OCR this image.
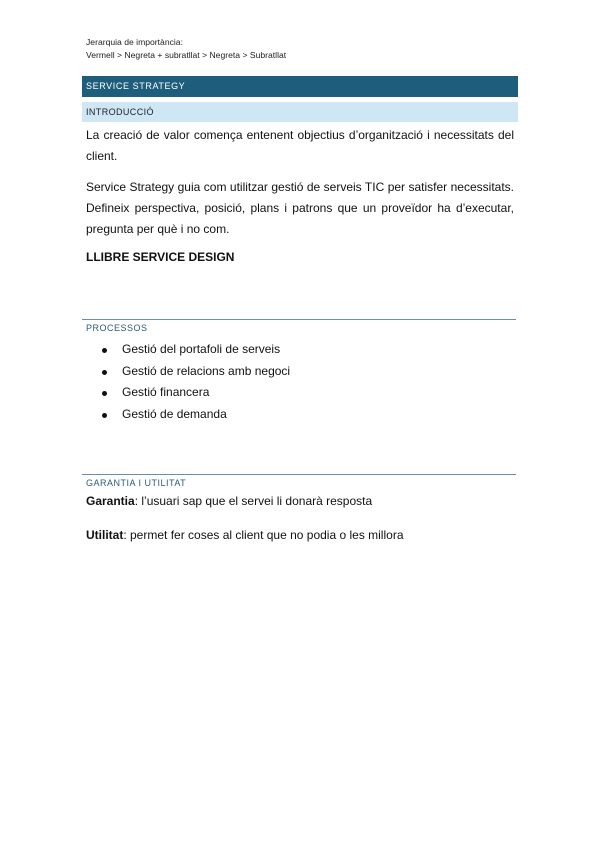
Jerarquia de importància:
Vermell > Negreta + subratllat > Negreta > Subratllat
SERVICE STRATEGY
INTRODUCCIÓ

La creació de valor comença entenent objectius d’organització i necessitats del client.

Service Strategy guia com utilitzar gestió de serveis TIC per satisfer necessitats. Defineix perspectiva, posició, plans i patrons que un proveïdor ha d’executar, pregunta per què i no com.

LLIBRE SERVICE DESIGN

PROCESSOS
Gestió del portafoli de serveis
Gestió de relacions amb negoci
Gestió financera
Gestió de demanda
GARANTIA I UTILITAT

Garantia: l’usuari sap que el servei li donarà resposta

Utilitat: permet fer coses al client que no podia o les millora
